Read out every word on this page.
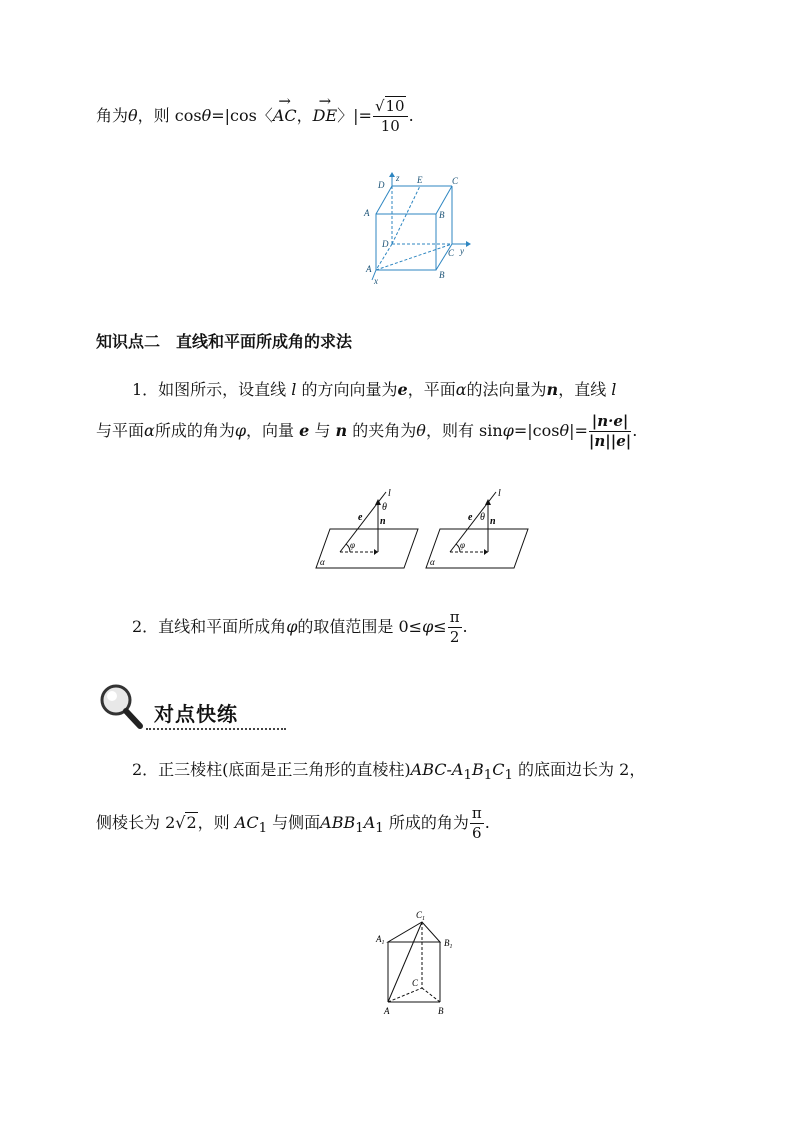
角为θ，则 cosθ=|cos〈→ AC，→ DE〉|= $\frac{√10}{10}$ .
D
z E	C
A	B
D
C y
A
x
B
知识点二　直线和平面所成角的求法
1．如图所示，设直线 l 的方向向量为e，平面α的法向量为n，直线 l
与平面α所成的角为φ，向量 e 与 n 的夹角为θ，则有 $\sin\varphi=|\cos\theta|= \frac{|n\cdot e|}{|n||e|}$ .
l
θ
e n
φ
α
l
θ
e n
φ
α
2．直线和平面所成角φ的取值范围是 $0\le\varphi\le \frac{\pi}{2}$ .
对点快练
2．正三棱柱(底面是正三角形的直棱柱)$ABC-A_1B_1C_1$ 的底面边长为 2，
侧棱长为 2√2，则 $AC_1$ 与侧面$ABB_1A_1$ 所成的角为 $\frac{\pi}{6}$ .
$C_1$
$A_1$	$B_1$
C
A	B
